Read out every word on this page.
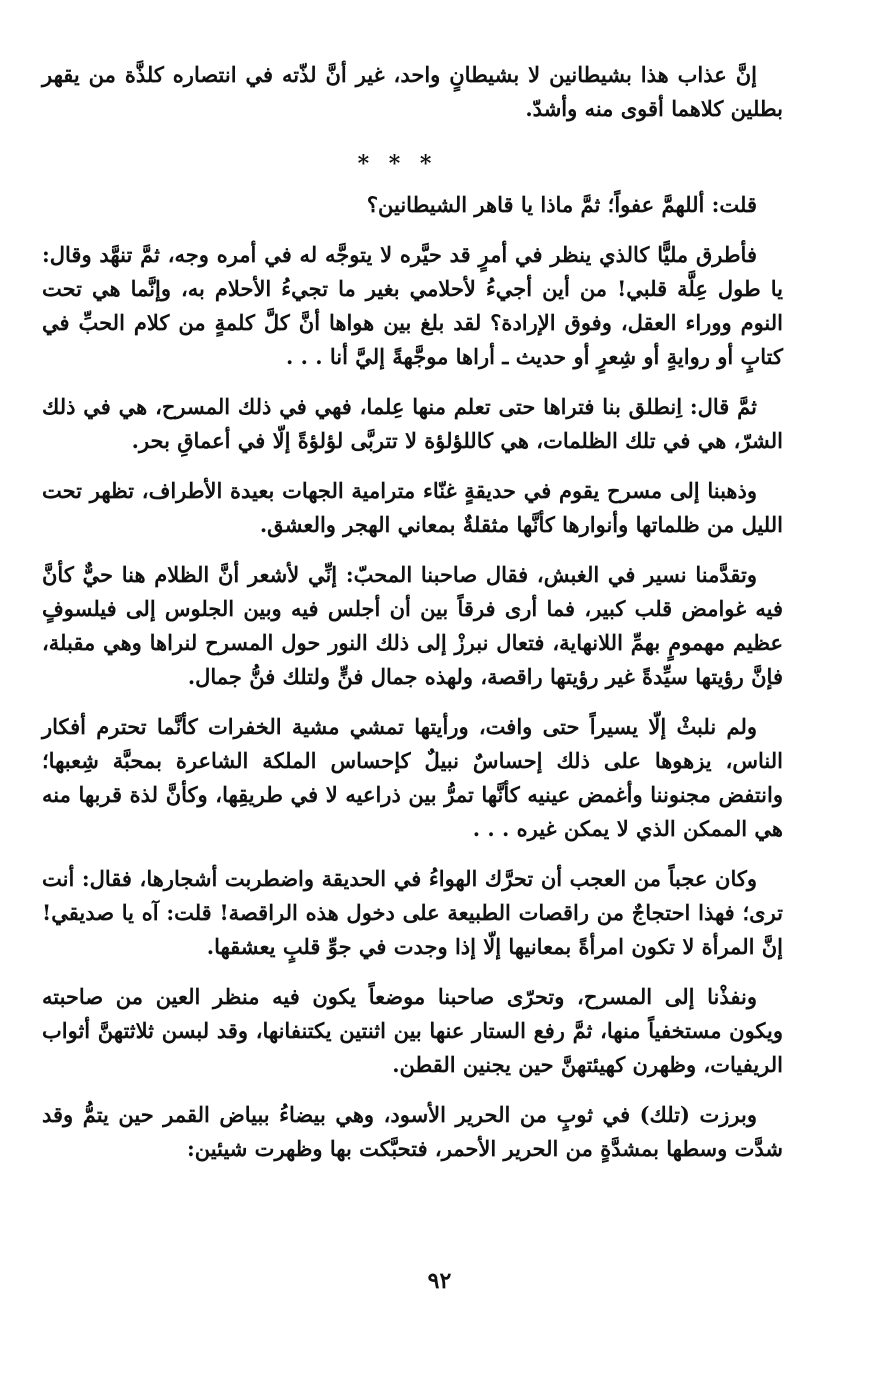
إنَّ عذاب هذا بشيطانين لا بشيطانٍ واحد، غير أنَّ لذّته في انتصاره كلذَّة من يقهر بطلين كلاهما أقوى منه وأشدّ.

* * *

قلت: أللهمَّ عفواً؛ ثمَّ ماذا يا قاهر الشيطانين؟

فأطرق مليًّا كالذي ينظر في أمرٍ قد حيَّره لا يتوجَّه له في أمره وجه، ثمَّ تنهَّد وقال: يا طول عِلَّة قلبي! من أين أجيءُ لأحلامي بغير ما تجيءُ الأحلام به، وإنَّما هي تحت النوم ووراء العقل، وفوق الإرادة؟ لقد بلغ بين هواها أنَّ كلَّ كلمةٍ من كلام الحبِّ في كتابٍ أو روايةٍ أو شِعرٍ أو حديث ـ أراها موجَّهةً إليَّ أنا . . .

ثمَّ قال: اِنطلق بنا فتراها حتى تعلم منها عِلما، فهي في ذلك المسرح، هي في ذلك الشرّ، هي في تلك الظلمات، هي كاللؤلؤة لا تتربَّى لؤلؤةً إلّا في أعماقِ بحر.

وذهبنا إلى مسرح يقوم في حديقةٍ غنّاء مترامية الجهات بعيدة الأطراف، تظهر تحت الليل من ظلماتها وأنوارها كأنَّها مثقلةٌ بمعاني الهجر والعشق.

وتقدَّمنا نسير في الغبش، فقال صاحبنا المحبّ: إنِّي لأشعر أنَّ الظلام هنا حيٌّ كأنَّ فيه غوامض قلب كبير، فما أرى فرقاً بين أن أجلس فيه وبين الجلوس إلى فيلسوفٍ عظيم مهمومٍ بهمِّ اللانهاية، فتعال نبرزْ إلى ذلك النور حول المسرح لنراها وهي مقبلة، فإنَّ رؤيتها سيِّدةً غير رؤيتها راقصة، ولهذه جمال فنٍّ ولتلك فنُّ جمال.

ولم نلبثْ إلّا يسيراً حتى وافت، ورأيتها تمشي مشية الخفرات كأنَّما تحترم أفكار الناس، يزهوها على ذلك إحساسٌ نبيلٌ كإحساس الملكة الشاعرة بمحبَّة شِعبها؛ وانتفض مجنوننا وأغمض عينيه كأنَّها تمرُّ بين ذراعيه لا في طريقِها، وكأنَّ لذة قربها منه هي الممكن الذي لا يمكن غيره . . .

وكان عجباً من العجب أن تحرَّك الهواءُ في الحديقة واضطربت أشجارها، فقال: أنت ترى؛ فهذا احتجاجٌ من راقصات الطبيعة على دخول هذه الراقصة! قلت: آه يا صديقي! إنَّ المرأة لا تكون امرأةً بمعانيها إلّا إذا وجدت في جوِّ قلبٍ يعشقها.

ونفذْنا إلى المسرح، وتحرّى صاحبنا موضعاً يكون فيه منظر العين من صاحبته ويكون مستخفياً منها، ثمَّ رفع الستار عنها بين اثنتين يكتنفانها، وقد لبسن ثلاثتهنَّ أثواب الريفيات، وظهرن كهيئتهنَّ حين يجنين القطن.

وبرزت (تلك) في ثوبٍ من الحرير الأسود، وهي بيضاءُ ببياض القمر حين يتمُّ وقد شدَّت وسطها بمشدَّةٍ من الحرير الأحمر، فتحبَّكت بها وظهرت شيئين:

٩٢
